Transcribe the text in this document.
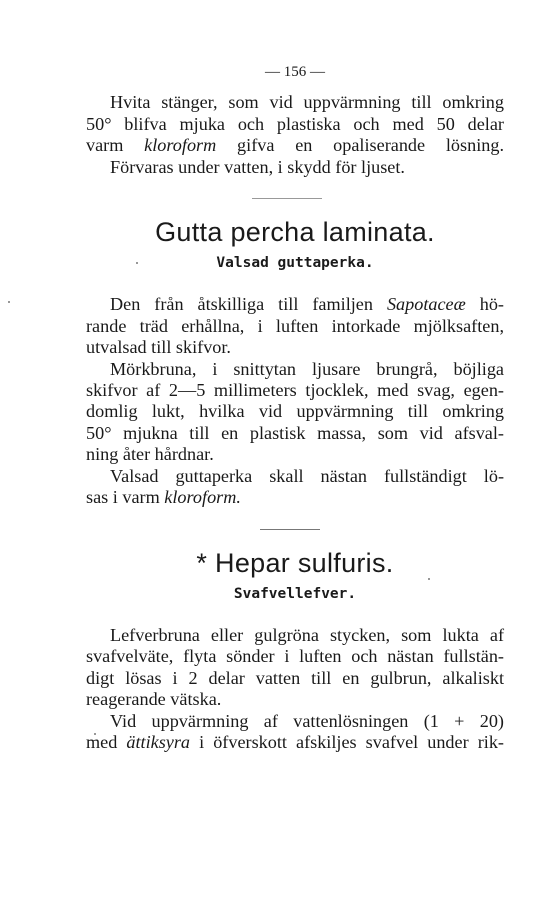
— 156 —
Hvita stänger, som vid uppvärmning till omkring
50° blifva mjuka och plastiska och med 50 delar
varm kloroform gifva en opaliserande lösning.
Förvaras under vatten, i skydd för ljuset.
Gutta percha laminata.
Valsad guttaperka.
Den från åtskilliga till familjen Sapotaceæ hö-
rande träd erhållna, i luften intorkade mjölksaften,
utvalsad till skifvor.
Mörkbruna, i snittytan ljusare brungrå, böjliga
skifvor af 2—5 millimeters tjocklek, med svag, egen-
domlig lukt, hvilka vid uppvärmning till omkring
50° mjukna till en plastisk massa, som vid afsval-
ning åter hårdnar.
Valsad guttaperka skall nästan fullständigt lö-
sas i varm kloroform.
* Hepar sulfuris.
Svafvellefver.
Lefverbruna eller gulgröna stycken, som lukta af
svafvelväte, flyta sönder i luften och nästan fullstän-
digt lösas i 2 delar vatten till en gulbrun, alkaliskt
reagerande vätska.
Vid uppvärmning af vattenlösningen (1 + 20)
med ättiksyra i öfverskott afskiljes svafvel under rik-
